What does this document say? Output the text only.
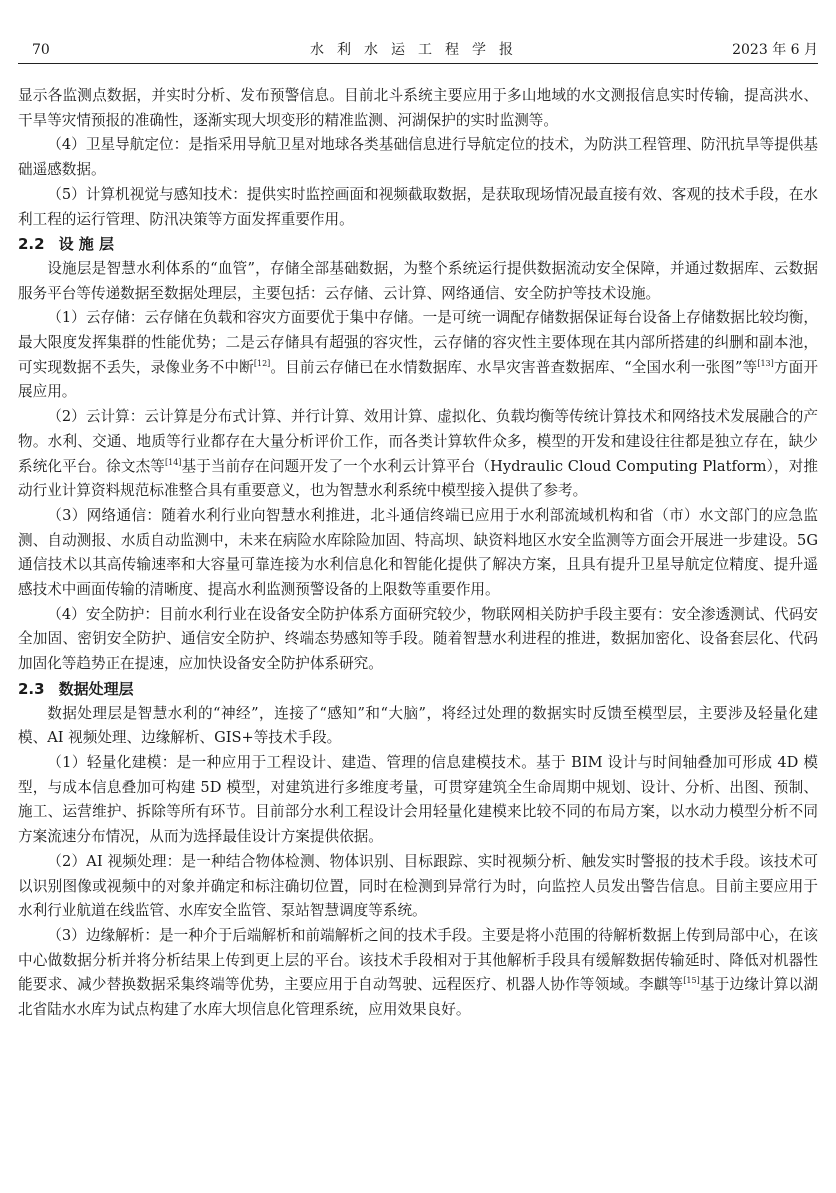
70	水利水运工程学报	2023 年 6 月

显示各监测点数据，并实时分析、发布预警信息。目前北斗系统主要应用于多山地域的水文测报信息实时传输，提高洪水、干旱等灾情预报的准确性，逐渐实现大坝变形的精准监测、河湖保护的实时监测等。

（4）卫星导航定位：是指采用导航卫星对地球各类基础信息进行导航定位的技术，为防洪工程管理、防汛抗旱等提供基础遥感数据。

（5）计算机视觉与感知技术：提供实时监控画面和视频截取数据，是获取现场情况最直接有效、客观的技术手段，在水利工程的运行管理、防汛决策等方面发挥重要作用。

2.2 设 施 层

设施层是智慧水利体系的“血管”，存储全部基础数据，为整个系统运行提供数据流动安全保障，并通过数据库、云数据服务平台等传递数据至数据处理层，主要包括：云存储、云计算、网络通信、安全防护等技术设施。

（1）云存储：云存储在负载和容灾方面要优于集中存储。一是可统一调配存储数据保证每台设备上存储数据比较均衡，最大限度发挥集群的性能优势；二是云存储具有超强的容灾性，云存储的容灾性主要体现在其内部所搭建的纠删和副本池，可实现数据不丢失，录像业务不中断[12]。目前云存储已在水情数据库、水旱灾害普查数据库、“全国水利一张图”等[13]方面开展应用。

（2）云计算：云计算是分布式计算、并行计算、效用计算、虚拟化、负载均衡等传统计算技术和网络技术发展融合的产物。水利、交通、地质等行业都存在大量分析评价工作，而各类计算软件众多，模型的开发和建设往往都是独立存在，缺少系统化平台。徐文杰等[14]基于当前存在问题开发了一个水利云计算平台（Hydraulic Cloud Computing Platform），对推动行业计算资料规范标准整合具有重要意义，也为智慧水利系统中模型接入提供了参考。

（3）网络通信：随着水利行业向智慧水利推进，北斗通信终端已应用于水利部流域机构和省（市）水文部门的应急监测、自动测报、水质自动监测中，未来在病险水库除险加固、特高坝、缺资料地区水安全监测等方面会开展进一步建设。5G 通信技术以其高传输速率和大容量可靠连接为水利信息化和智能化提供了解决方案，且具有提升卫星导航定位精度、提升遥感技术中画面传输的清晰度、提高水利监测预警设备的上限数等重要作用。

（4）安全防护：目前水利行业在设备安全防护体系方面研究较少，物联网相关防护手段主要有：安全渗透测试、代码安全加固、密钥安全防护、通信安全防护、终端态势感知等手段。随着智慧水利进程的推进，数据加密化、设备套层化、代码加固化等趋势正在提速，应加快设备安全防护体系研究。

2.3 数据处理层

数据处理层是智慧水利的“神经”，连接了“感知”和“大脑”，将经过处理的数据实时反馈至模型层，主要涉及轻量化建模、AI 视频处理、边缘解析、GIS+等技术手段。

（1）轻量化建模：是一种应用于工程设计、建造、管理的信息建模技术。基于 BIM 设计与时间轴叠加可形成 4D 模型，与成本信息叠加可构建 5D 模型，对建筑进行多维度考量，可贯穿建筑全生命周期中规划、设计、分析、出图、预制、施工、运营维护、拆除等所有环节。目前部分水利工程设计会用轻量化建模来比较不同的布局方案，以水动力模型分析不同方案流速分布情况，从而为选择最佳设计方案提供依据。

（2）AI 视频处理：是一种结合物体检测、物体识别、目标跟踪、实时视频分析、触发实时警报的技术手段。该技术可以识别图像或视频中的对象并确定和标注确切位置，同时在检测到异常行为时，向监控人员发出警告信息。目前主要应用于水利行业航道在线监管、水库安全监管、泵站智慧调度等系统。

（3）边缘解析：是一种介于后端解析和前端解析之间的技术手段。主要是将小范围的待解析数据上传到局部中心，在该中心做数据分析并将分析结果上传到更上层的平台。该技术手段相对于其他解析手段具有缓解数据传输延时、降低对机器性能要求、减少替换数据采集终端等优势，主要应用于自动驾驶、远程医疗、机器人协作等领域。李麒等[15]基于边缘计算以湖北省陆水水库为试点构建了水库大坝信息化管理系统，应用效果良好。
